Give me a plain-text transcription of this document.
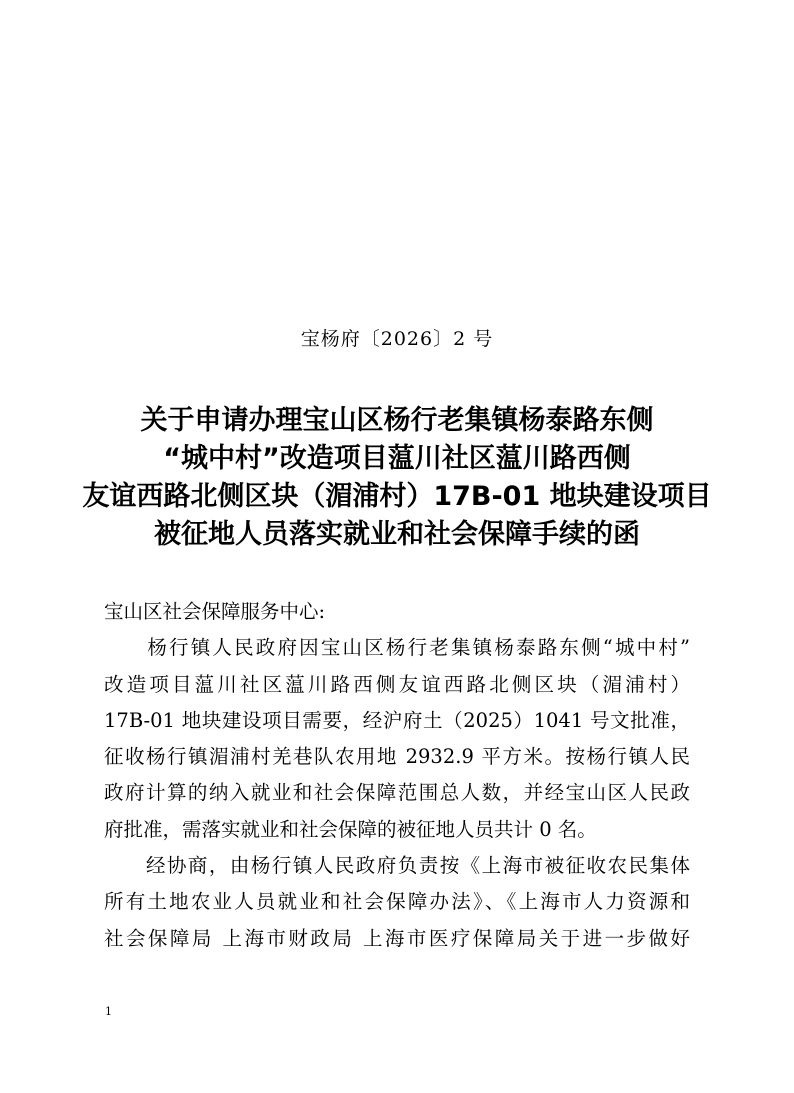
宝杨府〔2026〕2 号
关于申请办理宝山区杨行老集镇杨泰路东侧
“城中村”改造项目蕰川社区蕰川路西侧
友谊西路北侧区块（湄浦村）17B-01 地块建设项目
被征地人员落实就业和社会保障手续的函
宝山区社会保障服务中心:
　　杨行镇人民政府因宝山区杨行老集镇杨泰路东侧“城中村”
改造项目蕰川社区蕰川路西侧友谊西路北侧区块（湄浦村）
17B-01 地块建设项目需要，经沪府土（2025）1041 号文批准，
征收杨行镇湄浦村羌巷队农用地 2932.9 平方米。按杨行镇人民
政府计算的纳入就业和社会保障范围总人数，并经宝山区人民政
府批准，需落实就业和社会保障的被征地人员共计 0 名。
　　经协商，由杨行镇人民政府负责按《上海市被征收农民集体
所有土地农业人员就业和社会保障办法》、《上海市人力资源和
社会保障局 上海市财政局 上海市医疗保障局关于进一步做好
1
